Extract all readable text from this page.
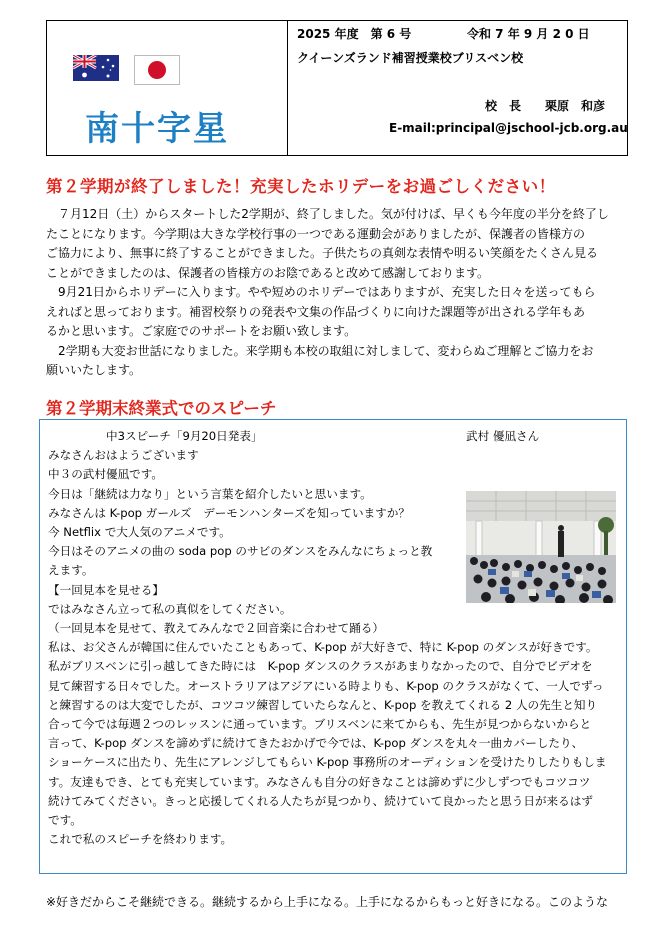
南十字星
2025 年度　第 6 号	令和 7 年 9 月 2 0 日
クイーンズランド補習授業校ブリスベン校
校　長　　栗原　和彦
E-mail:principal@jschool-jcb.org.au
第２学期が終了しました！充実したホリデーをお過ごしください！

　７月12日（土）からスタートした2学期が、終了しました。気が付けば、早くも今年度の半分を終了し

たことになります。今学期は大きな学校行事の一つである運動会がありましたが、保護者の皆様方の

ご協力により、無事に終了することができました。子供たちの真剣な表情や明るい笑顔をたくさん見る

ことができましたのは、保護者の皆様方のお陰であると改めて感謝しております。

　9月21日からホリデーに入ります。やや短めのホリデーではありますが、充実した日々を送ってもら

えればと思っております。補習校祭りの発表や文集の作品づくりに向けた課題等が出される学年もあ

るかと思います。ご家庭でのサポートをお願い致します。

　2学期も大変お世話になりました。来学期も本校の取組に対しまして、変わらぬご理解とご協力をお

願いいたします。

第２学期末終業式でのスピーチ
　　　　　中3スピーチ「9月20日発表」	武村 優凪さん
みなさんおはようございます
中３の武村優凪です。
今日は「継続は力なり」という言葉を紹介したいと思います。
みなさんは K-pop ガールズ　デーモンハンターズを知っていますか？
今 Netflix で大人気のアニメです。
今日はそのアニメの曲の soda pop のサビのダンスをみんなにちょっと教
えます。
【一回見本を見せる】
ではみなさん立って私の真似をしてください。
（一回見本を見せて、教えてみんなで２回音楽に合わせて踊る）
私は、お父さんが韓国に住んでいたこともあって、K-pop が大好きで、特に K-pop のダンスが好きです。
私がブリスベンに引っ越してきた時には　K-pop ダンスのクラスがあまりなかったので、自分でビデオを
見て練習する日々でした。オーストラリアはアジアにいる時よりも、K-pop のクラスがなくて、一人でずっ
と練習するのは大変でしたが、コツコツ練習していたらなんと、K-pop を教えてくれる 2 人の先生と知り
合って今では毎週２つのレッスンに通っています。ブリスベンに来てからも、先生が見つからないからと
言って、K-pop ダンスを諦めずに続けてきたおかげで今では、K-pop ダンスを丸々一曲カバーしたり、
ショーケースに出たり、先生にアレンジしてもらい K-pop 事務所のオーディションを受けたりしたりもしま
す。友達もでき、とても充実しています。みなさんも自分の好きなことは諦めずに少しずつでもコツコツ
続けてみてください。きっと応援してくれる人たちが見つかり、続けていて良かったと思う日が来るはず
です。
これで私のスピーチを終わります。
※好きだからこそ継続できる。継続するから上手になる。上手になるからもっと好きになる。このような
